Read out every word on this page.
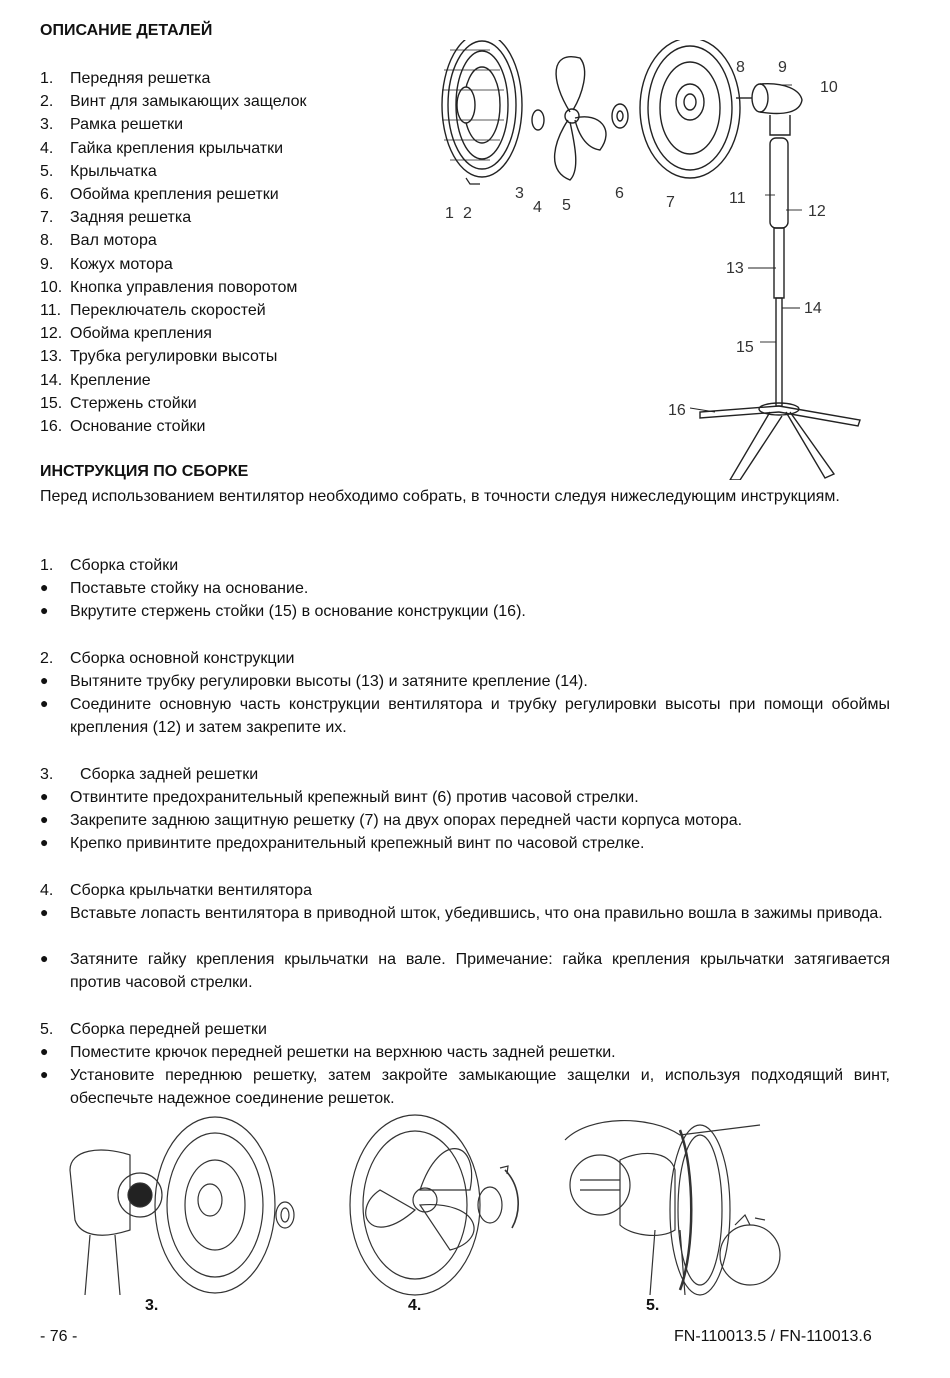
ОПИСАНИЕ ДЕТАЛЕЙ
1. Передняя решетка
2. Винт для замыкающих защелок
3. Рамка решетки
4. Гайка крепления крыльчатки
5. Крыльчатка
6. Обойма крепления решетки
7. Задняя решетка
8. Вал мотора
9. Кожух мотора
10. Кнопка управления поворотом
11. Переключатель скоростей
12. Обойма крепления
13. Трубка регулировки высоты
14. Крепление
15. Стержень стойки
16. Основание стойки
1 2
3
4 5
6
7
8 9
10
11
12
13
14
15
16
ИНСТРУКЦИЯ ПО СБОРКЕ
Перед использованием вентилятор необходимо собрать, в точности следуя нижеследующим инструкциям.
1. Сборка стойки
● Поставьте стойку на основание.
● Вкрутите стержень стойки (15) в основание конструкции (16).
2. Сборка основной конструкции
● Вытяните трубку регулировки высоты (13) и затяните крепление (14).
● Соедините основную часть конструкции вентилятора и трубку регулировки высоты при помощи обоймы крепления (12) и затем закрепите их.
3. Сборка задней решетки
● Отвинтите предохранительный крепежный винт (6) против часовой стрелки.
● Закрепите заднюю защитную решетку (7) на двух опорах передней части корпуса мотора.
● Крепко привинтите предохранительный крепежный винт по часовой стрелке.
4. Сборка крыльчатки вентилятора
● Вставьте лопасть вентилятора в приводной шток, убедившись, что она правильно вошла в зажимы привода.
● Затяните гайку крепления крыльчатки на вале. Примечание: гайка крепления крыльчатки затягивается против часовой стрелки.
5. Сборка передней решетки
● Поместите крючок передней решетки на верхнюю часть задней решетки.
● Установите переднюю решетку, затем закройте замыкающие защелки и, используя подходящий винт, обеспечьте надежное соединение решеток.
3.	4.	5.
- 76 -	FN-110013.5 / FN-110013.6
